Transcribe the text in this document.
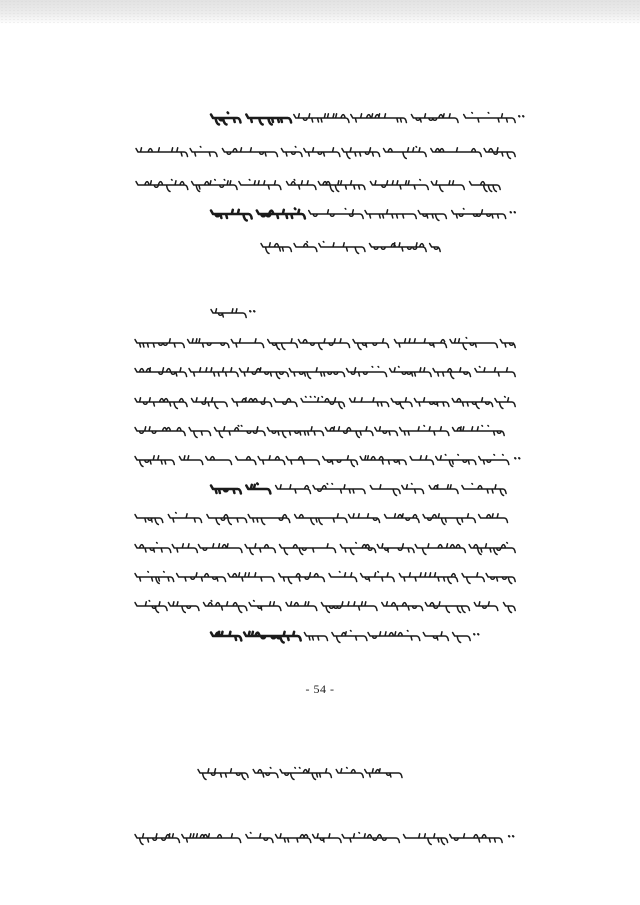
- 54 -
